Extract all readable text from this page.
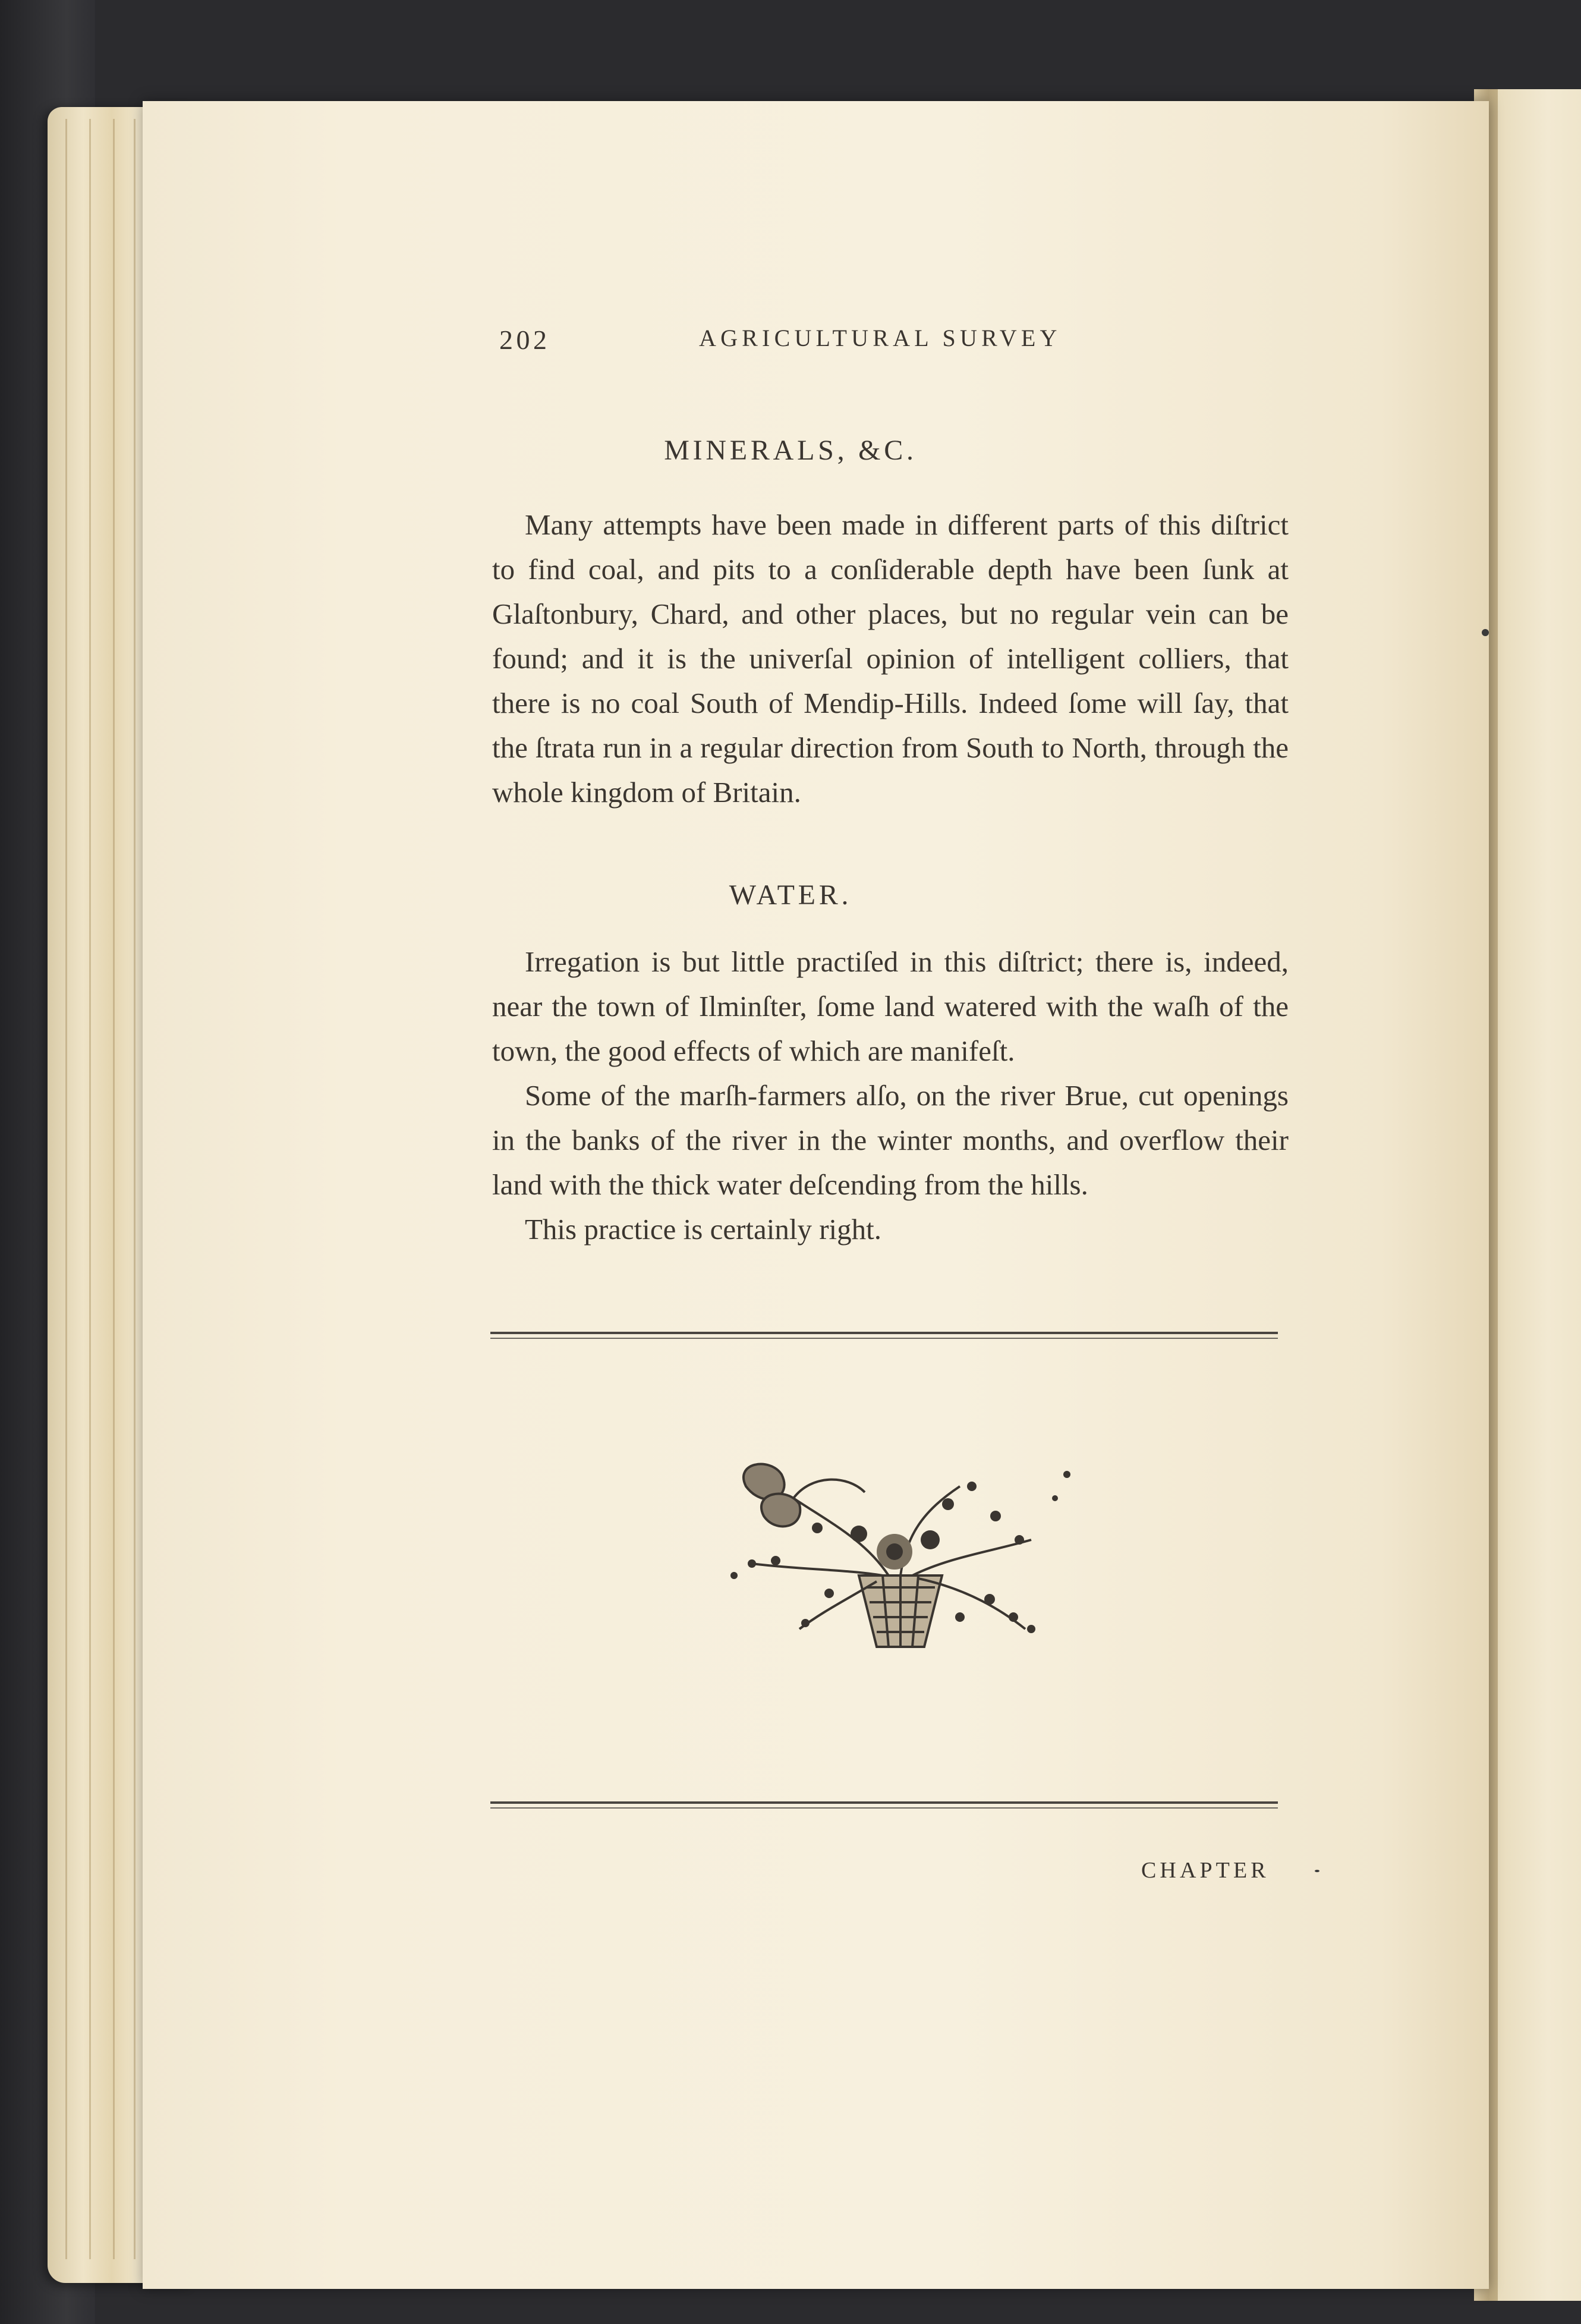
202	AGRICULTURAL SURVEY
MINERALS, &C.

Many attempts have been made in different parts of this diſtrict to find coal, and pits to a conſiderable depth have been ſunk at Glaſtonbury, Chard, and other places, but no regular vein can be found; and it is the univerſal opinion of intelligent colliers, that there is no coal South of Mendip-Hills. Indeed ſome will ſay, that the ſtrata run in a regular direction from South to North, through the whole kingdom of Britain.

WATER.

Irregation is but little practiſed in this diſtrict; there is, indeed, near the town of Ilminſter, ſome land watered with the waſh of the town, the good effects of which are manifeſt.

Some of the marſh-farmers alſo, on the river Brue, cut openings in the banks of the river in the winter months, and overflow their land with the thick water deſcending from the hills.

This practice is certainly right.

CHAPTER
